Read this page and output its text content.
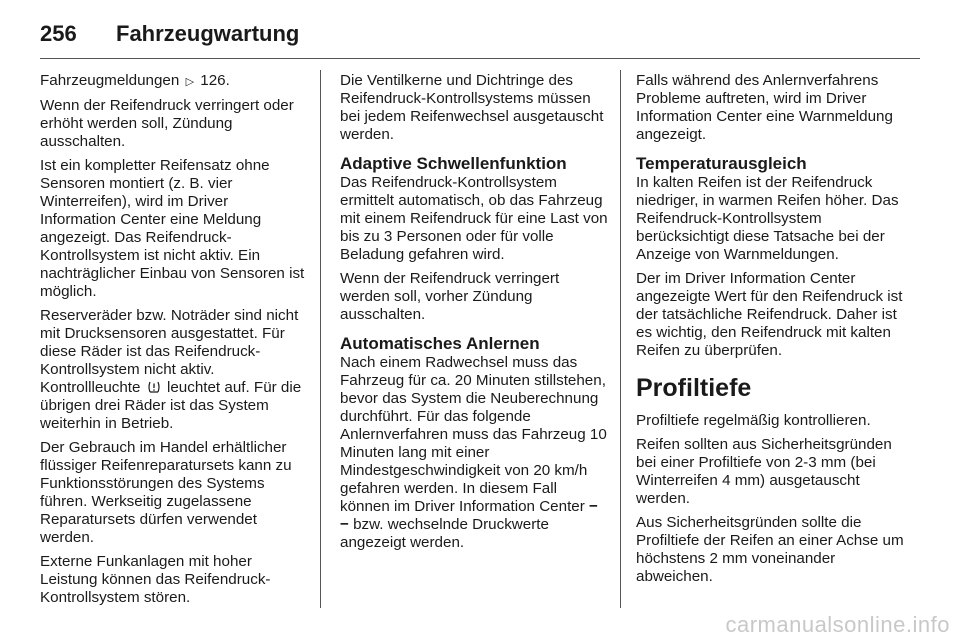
256	Fahrzeugwartung

Fahrzeugmeldungen ▷ 126.

Wenn der Reifendruck verringert oder erhöht werden soll, Zündung ausschalten.

Ist ein kompletter Reifensatz ohne Sensoren montiert (z. B. vier Winterreifen), wird im Driver Information Center eine Meldung angezeigt. Das Reifendruck-Kontrollsystem ist nicht aktiv. Ein nachträglicher Einbau von Sensoren ist möglich.

Reserveräder bzw. Noträder sind nicht mit Drucksensoren ausgestattet. Für diese Räder ist das Reifendruck-Kontrollsystem nicht aktiv. Kontrollleuchte leuchtet auf. Für die übrigen drei Räder ist das System weiterhin in Betrieb.

Der Gebrauch im Handel erhältlicher flüssiger Reifenreparatursets kann zu Funktionsstörungen des Systems führen. Werkseitig zugelassene Reparatursets dürfen verwendet werden.

Externe Funkanlagen mit hoher Leistung können das Reifendruck-Kontrollsystem stören.

Die Ventilkerne und Dichtringe des Reifendruck-Kontrollsystems müssen bei jedem Reifenwechsel ausgetauscht werden.

Adaptive Schwellenfunktion

Das Reifendruck-Kontrollsystem ermittelt automatisch, ob das Fahrzeug mit einem Reifendruck für eine Last von bis zu 3 Personen oder für volle Beladung gefahren wird.

Wenn der Reifendruck verringert werden soll, vorher Zündung ausschalten.

Automatisches Anlernen

Nach einem Radwechsel muss das Fahrzeug für ca. 20 Minuten stillstehen, bevor das System die Neuberechnung durchführt. Für das folgende Anlernverfahren muss das Fahrzeug 10 Minuten lang mit einer Mindestgeschwindigkeit von 20 km/h gefahren werden. In diesem Fall können im Driver Information Center − − bzw. wechselnde Druckwerte angezeigt werden.

Falls während des Anlernverfahrens Probleme auftreten, wird im Driver Information Center eine Warnmeldung angezeigt.

Temperaturausgleich

In kalten Reifen ist der Reifendruck niedriger, in warmen Reifen höher. Das Reifendruck-Kontrollsystem berücksichtigt diese Tatsache bei der Anzeige von Warnmeldungen.

Der im Driver Information Center angezeigte Wert für den Reifendruck ist der tatsächliche Reifendruck. Daher ist es wichtig, den Reifendruck mit kalten Reifen zu überprüfen.

Profiltiefe

Profiltiefe regelmäßig kontrollieren.

Reifen sollten aus Sicherheitsgründen bei einer Profiltiefe von 2-3 mm (bei Winterreifen 4 mm) ausgetauscht werden.

Aus Sicherheitsgründen sollte die Profiltiefe der Reifen an einer Achse um höchstens 2 mm voneinander abweichen.

carmanualsonline.info
